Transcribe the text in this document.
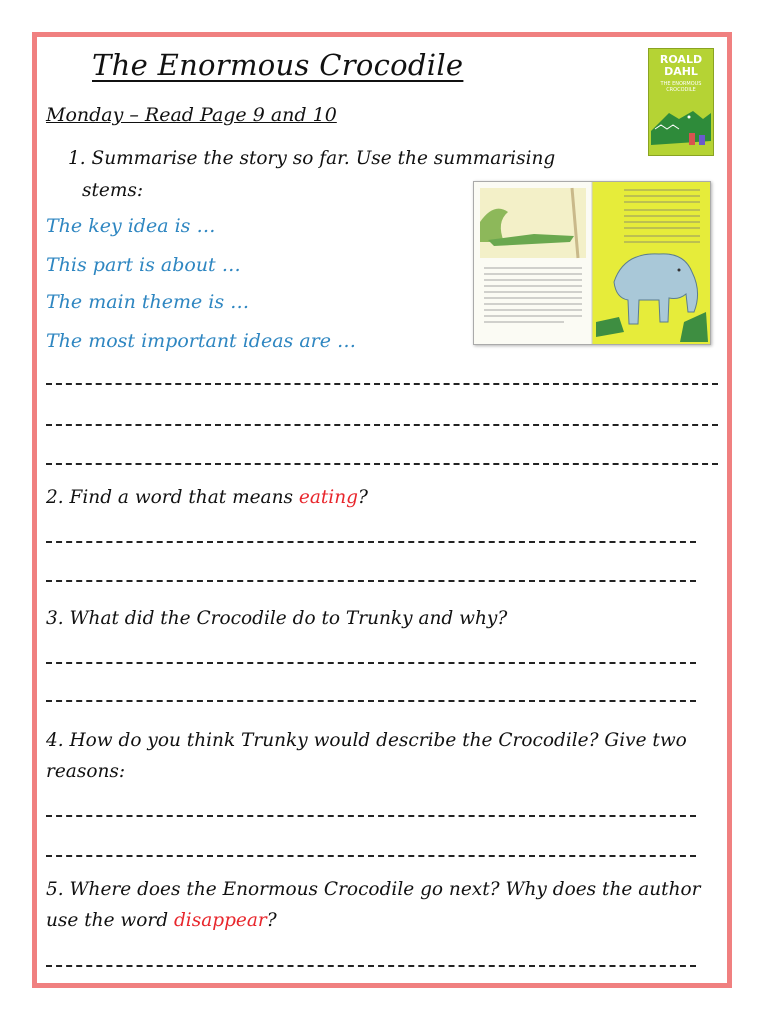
The Enormous Crocodile
Monday – Read Page 9 and 10
ROALD DAHL
THE ENORMOUS CROCODILE
1. Summarise the story so far. Use the summarising
stems:
The key idea is …
This part is about …
The main theme is …
The most important ideas are …
2. Find a word that means eating?
3. What did the Crocodile do to Trunky and why?
4. How do you think Trunky would describe the Crocodile? Give two
reasons:
5. Where does the Enormous Crocodile go next? Why does the author
use the word disappear?
